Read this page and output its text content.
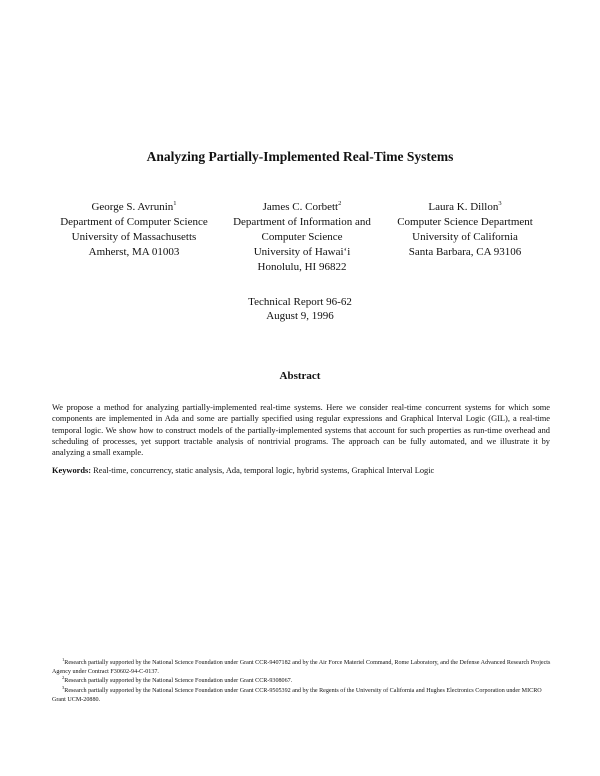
Analyzing Partially-Implemented Real-Time Systems
George S. Avrunin$^1$
Department of Computer Science
University of Massachusetts
Amherst, MA 01003
James C. Corbett$^2$
Department of Information and
Computer Science
University of Hawai‘i
Honolulu, HI 96822
Laura K. Dillon$^3$
Computer Science Department
University of California
Santa Barbara, CA 93106
Technical Report 96-62
August 9, 1996
Abstract
We propose a method for analyzing partially-implemented real-time systems. Here we consider real-time concurrent systems for which some components are implemented in Ada and some are partially specified using regular expressions and Graphical Interval Logic (GIL), a real-time temporal logic. We show how to construct models of the partially-implemented systems that account for such properties as run-time overhead and scheduling of processes, yet support tractable analysis of nontrivial programs. The approach can be fully automated, and we illustrate it by analyzing a small example.
Keywords: Real-time, concurrency, static analysis, Ada, temporal logic, hybrid systems, Graphical Interval Logic

$^1$Research partially supported by the National Science Foundation under Grant CCR-9407182 and by the Air Force Materiel Command, Rome Laboratory, and the Defense Advanced Research Projects Agency under Contract F30602-94-C-0137.

$^2$Research partially supported by the National Science Foundation under Grant CCR-9308067.

$^3$Research partially supported by the National Science Foundation under Grant CCR-9505392 and by the Regents of the University of California and Hughes Electronics Corporation under MICRO Grant UCM-20880.
